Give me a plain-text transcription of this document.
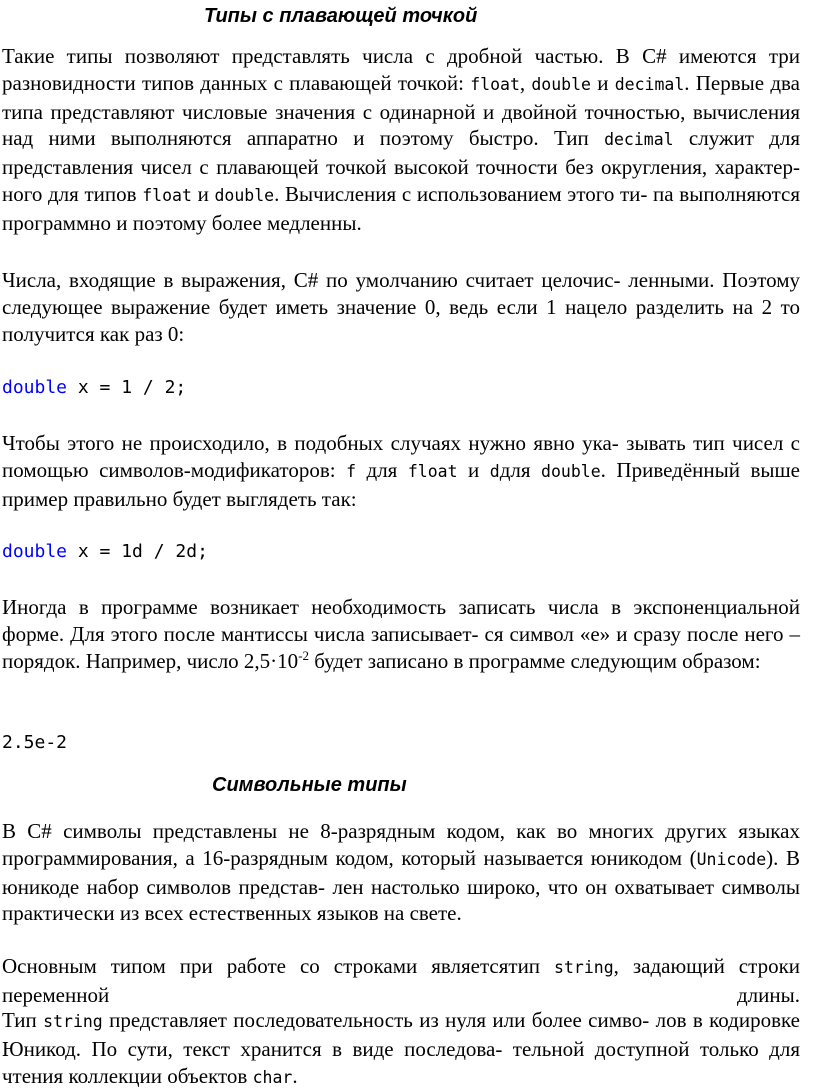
Типы с плавающей точкой

Такие типы позволяют представлять числа с дробной частью. В С# имеются три разновидности типов данных с плавающей точкой: float, double и decimal. Первые два типа представляют числовые значения с одинарной и двойной точностью, вычисления над ними выполняются аппаратно и поэтому быстро. Тип decimal служит для представления чисел с плавающей точкой высокой точности без округления, характер- ного для типов float и double. Вычисления с использованием этого ти- па выполняются программно и поэтому более медленны.

Числа, входящие в выражения, С# по умолчанию считает целочис- ленными. Поэтому следующее выражение будет иметь значение 0, ведь если 1 нацело разделить на 2 то получится как раз 0:

double x = 1 / 2;

Чтобы этого не происходило, в подобных случаях нужно явно ука- зывать тип чисел с помощью символов-модификаторов: f для float и dдля double. Приведённый выше пример правильно будет выглядеть так:

double x = 1d / 2d;

Иногда в программе возникает необходимость записать числа в экспоненциальной форме. Для этого после мантиссы числа записывает- ся символ «е» и сразу после него – порядок. Например, число $2,5\cdot 10^{-2}$ будет записано в программе следующим образом:

2.5e-2
Символьные типы

В С# символы представлены не 8-разрядным кодом, как во многих других языках программирования, а 16-разрядным кодом, который называется юникодом (Unicode). В юникоде набор символов представ- лен настолько широко, что он охватывает символы практически из всех естественных языков на свете.

Основным типом при работе со строками являетсятип string, задающий строки переменной длины.

Тип string представляет последовательность из нуля или более симво- лов в кодировке Юникод. По сути, текст хранится в виде последова- тельной доступной только для чтения коллекции объектов char.
